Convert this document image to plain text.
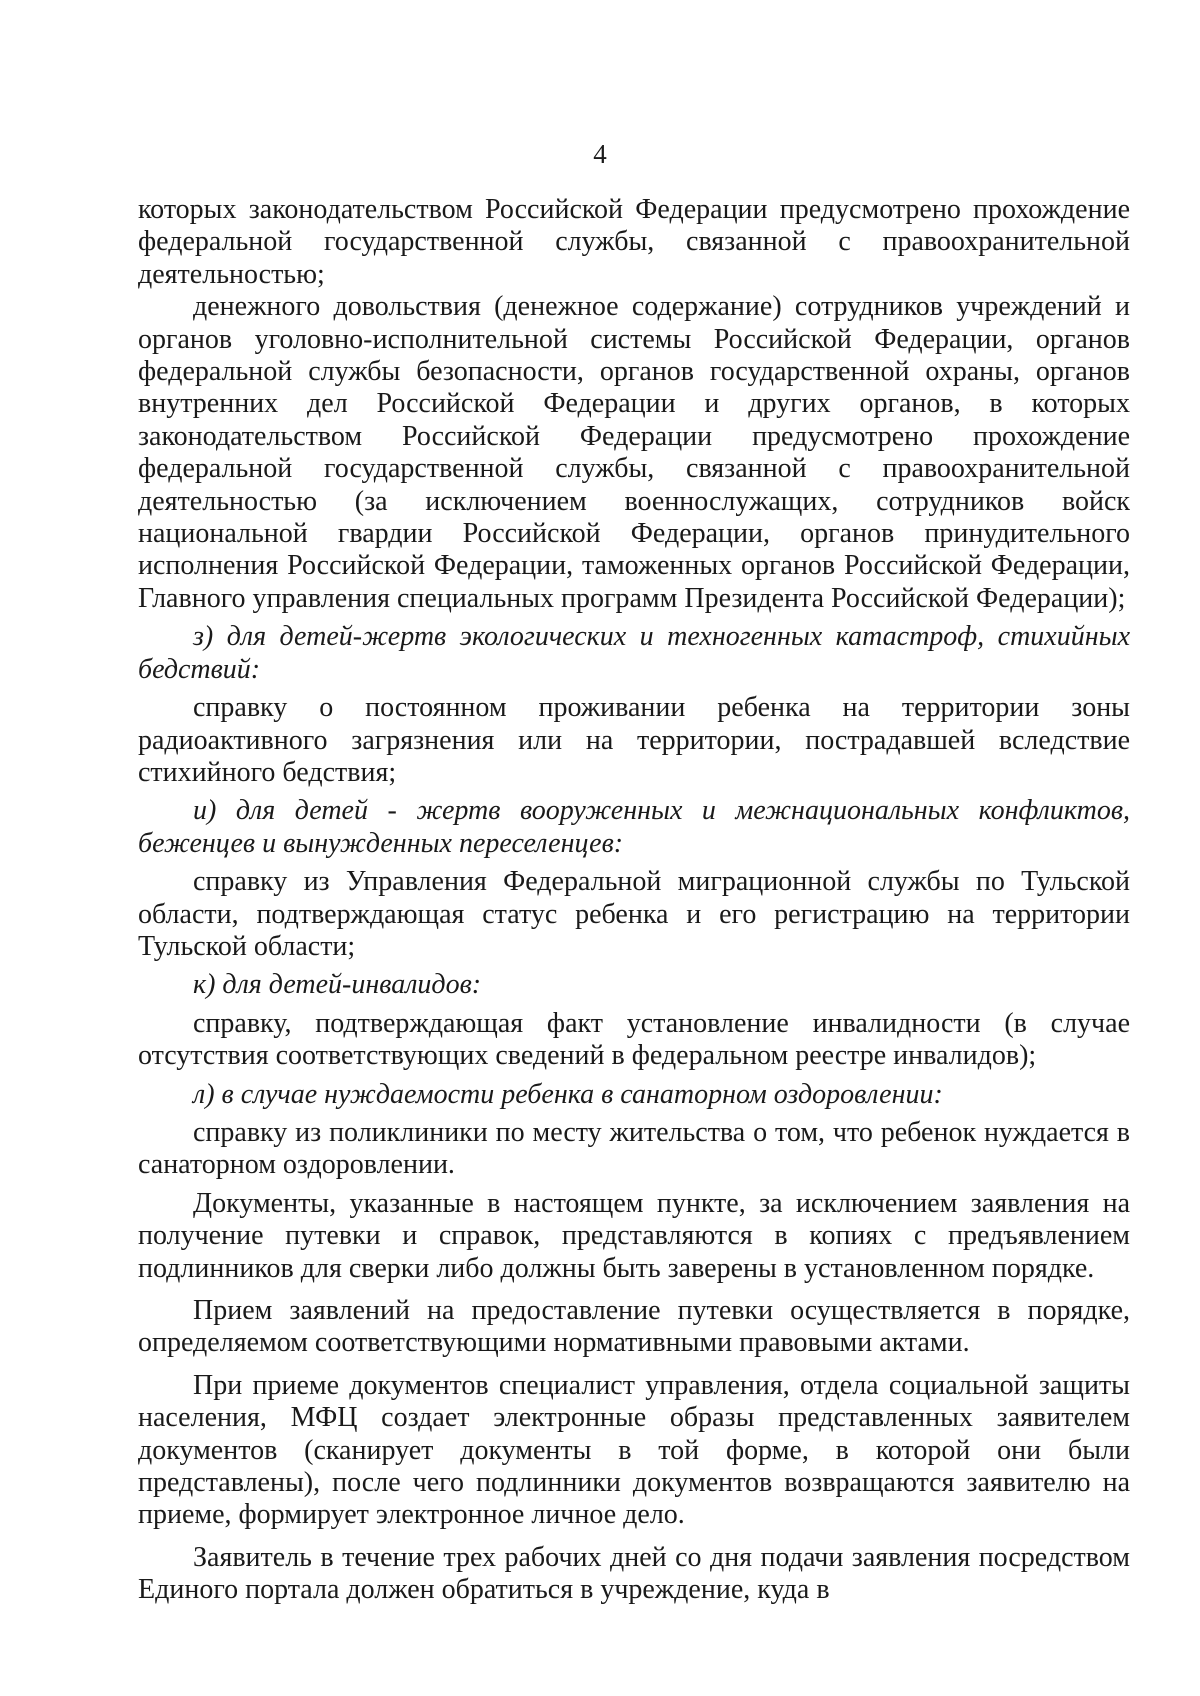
4

которых законодательством Российской Федерации предусмотрено прохождение федеральной государственной службы, связанной с правоохранительной деятельностью;

денежного довольствия (денежное содержание) сотрудников учреждений и органов уголовно-исполнительной системы Российской Федерации, органов федеральной службы безопасности, органов государственной охраны, органов внутренних дел Российской Федерации и других органов, в которых законодательством Российской Федерации предусмотрено прохождение федеральной государственной службы, связанной с правоохранительной деятельностью (за исключением военнослужащих, сотрудников войск национальной гвардии Российской Федерации, органов принудительного исполнения Российской Федерации, таможенных органов Российской Федерации, Главного управления специальных программ Президента Российской Федерации);

з) для детей-жертв экологических и техногенных катастроф, стихийных бедствий:

справку о постоянном проживании ребенка на территории зоны радиоактивного загрязнения или на территории, пострадавшей вследствие стихийного бедствия;

и) для детей - жертв вооруженных и межнациональных конфликтов, беженцев и вынужденных переселенцев:

справку из Управления Федеральной миграционной службы по Тульской области, подтверждающая статус ребенка и его регистрацию на территории Тульской области;

к) для детей-инвалидов:

справку, подтверждающая факт установление инвалидности (в случае отсутствия соответствующих сведений в федеральном реестре инвалидов);

л) в случае нуждаемости ребенка в санаторном оздоровлении:

справку из поликлиники по месту жительства о том, что ребенок нуждается в санаторном оздоровлении.

Документы, указанные в настоящем пункте, за исключением заявления на получение путевки и справок, представляются в копиях с предъявлением подлинников для сверки либо должны быть заверены в установленном порядке.

Прием заявлений на предоставление путевки осуществляется в порядке, определяемом соответствующими нормативными правовыми актами.

При приеме документов специалист управления, отдела социальной защиты населения, МФЦ создает электронные образы представленных заявителем документов (сканирует документы в той форме, в которой они были представлены), после чего подлинники документов возвращаются заявителю на приеме, формирует электронное личное дело.

Заявитель в течение трех рабочих дней со дня подачи заявления посредством Единого портала должен обратиться в учреждение, куда в
